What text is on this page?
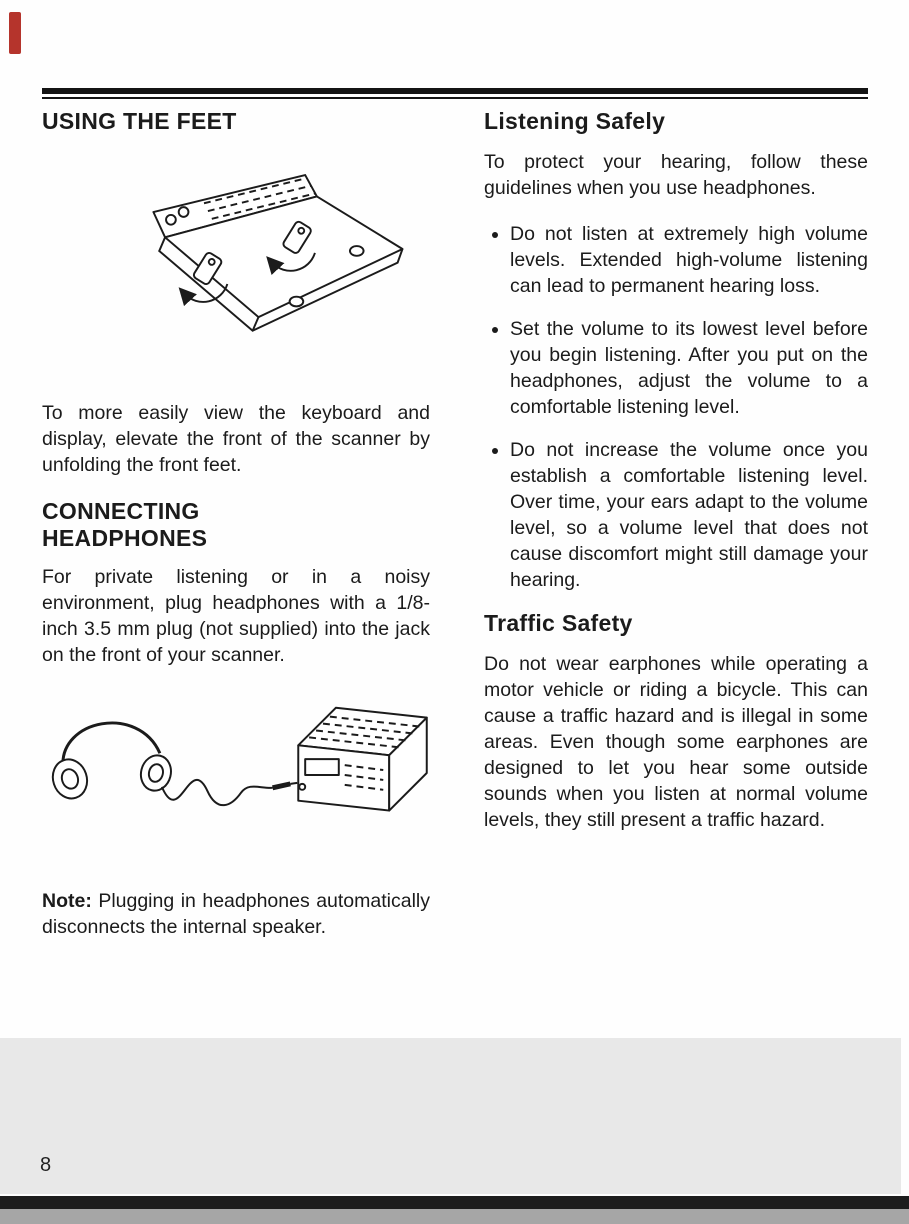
USING THE FEET

To more easily view the keyboard and display, elevate the front of the scanner by unfolding the front feet.

CONNECTING
HEADPHONES

For private listening or in a noisy environment, plug headphones with a 1/8-inch 3.5 mm plug (not supplied) into the jack on the front of your scanner.

Note: Plugging in headphones automatically disconnects the internal speaker.

Listening Safely

To protect your hearing, follow these guidelines when you use headphones.

• Do not listen at extremely high volume levels. Extended high-volume listening can lead to permanent hearing loss.
• Set the volume to its lowest level before you begin listening. After you put on the headphones, adjust the volume to a comfortable listening level.
• Do not increase the volume once you establish a comfortable listening level. Over time, your ears adapt to the volume level, so a volume level that does not cause discomfort might still damage your hearing.
Traffic Safety

Do not wear earphones while operating a motor vehicle or riding a bicycle. This can cause a traffic hazard and is illegal in some areas. Even though some earphones are designed to let you hear some outside sounds when you listen at normal volume levels, they still present a traffic hazard.

8
